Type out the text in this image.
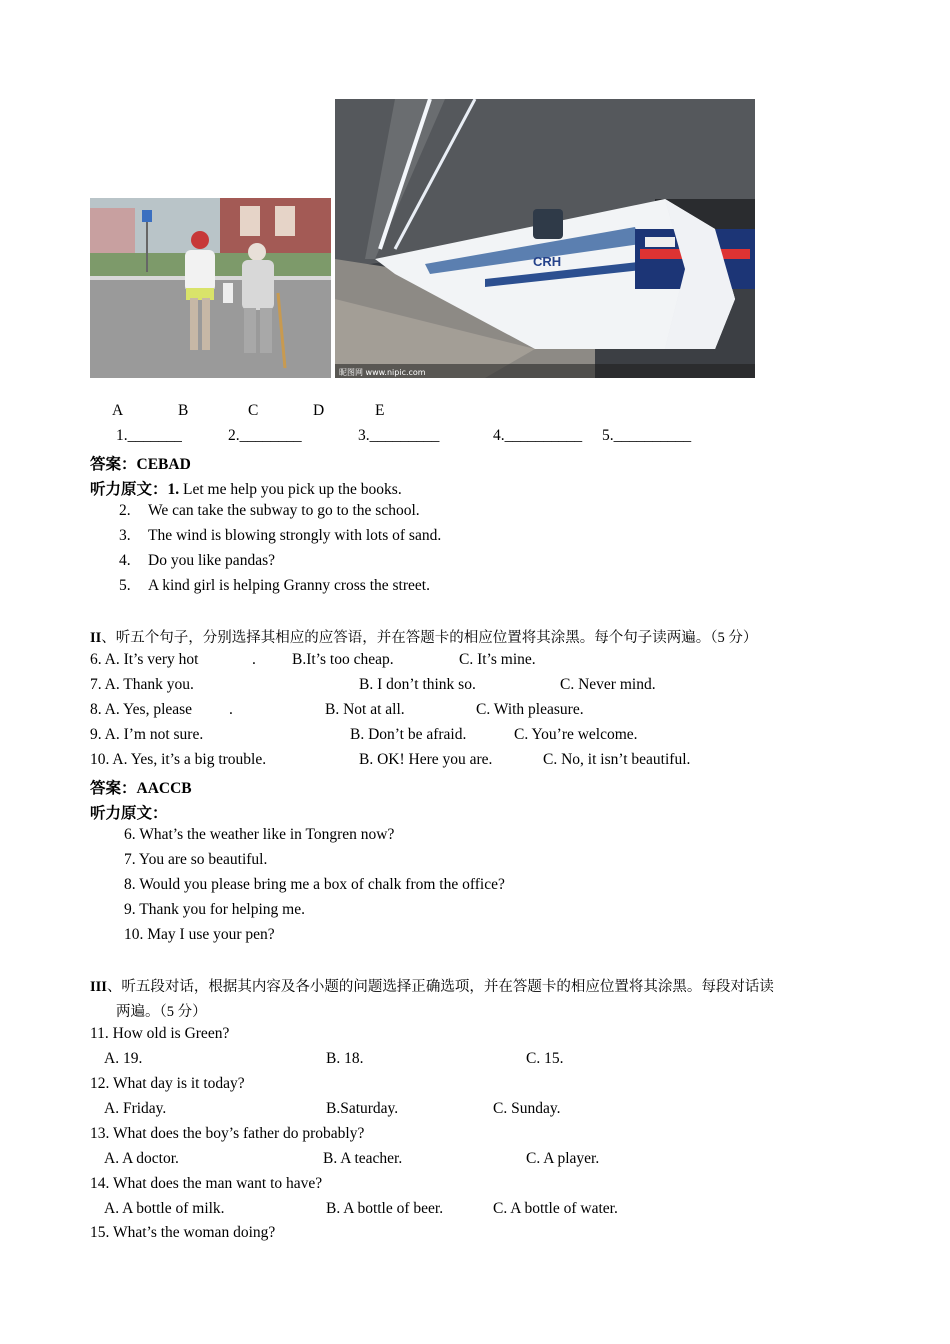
CRH
昵图网 www.nipic.com
A	B	C	D	E
1._______	2.________	3._________	4.__________ 5.__________
答案：CEBAD
听力原文：1. Let me help you pick up the books.
2. We can take the subway to go to the school.
3. The wind is blowing strongly with lots of sand.
4. Do you like pandas?
5. A kind girl is helping Granny cross the street.
II、听五个句子，分别选择其相应的应答语，并在答题卡的相应位置将其涂黑。每个句子读两遍。（5 分）
6. A. It’s very hot	. B.It’s too cheap.	C. It’s mine.
7. A. Thank you.	B. I don’t think so.	C. Never mind.
8. A. Yes, please .	B. Not at all.	C. With pleasure.
9. A. I’m not sure.	B. Don’t be afraid.	C. You’re welcome.
10. A. Yes, it’s a big trouble.	B. OK! Here you are.	C. No, it isn’t beautiful.
答案：AACCB
听力原文：
6. What’s the weather like in Tongren now?
7. You are so beautiful.
8. Would you please bring me a box of chalk from the office?
9. Thank you for helping me.
10. May I use your pen?
III、听五段对话，根据其内容及各小题的问题选择正确选项，并在答题卡的相应位置将其涂黑。每段对话读
两遍。（5 分）
11. How old is Green?
A. 19.	B. 18.	C. 15.
12. What day is it today?
A. Friday.	B.Saturday.	C. Sunday.
13. What does the boy’s father do probably?
A. A doctor.	B. A teacher.	C. A player.
14. What does the man want to have?
A. A bottle of milk.	B. A bottle of beer.	C. A bottle of water.
15. What’s the woman doing?
